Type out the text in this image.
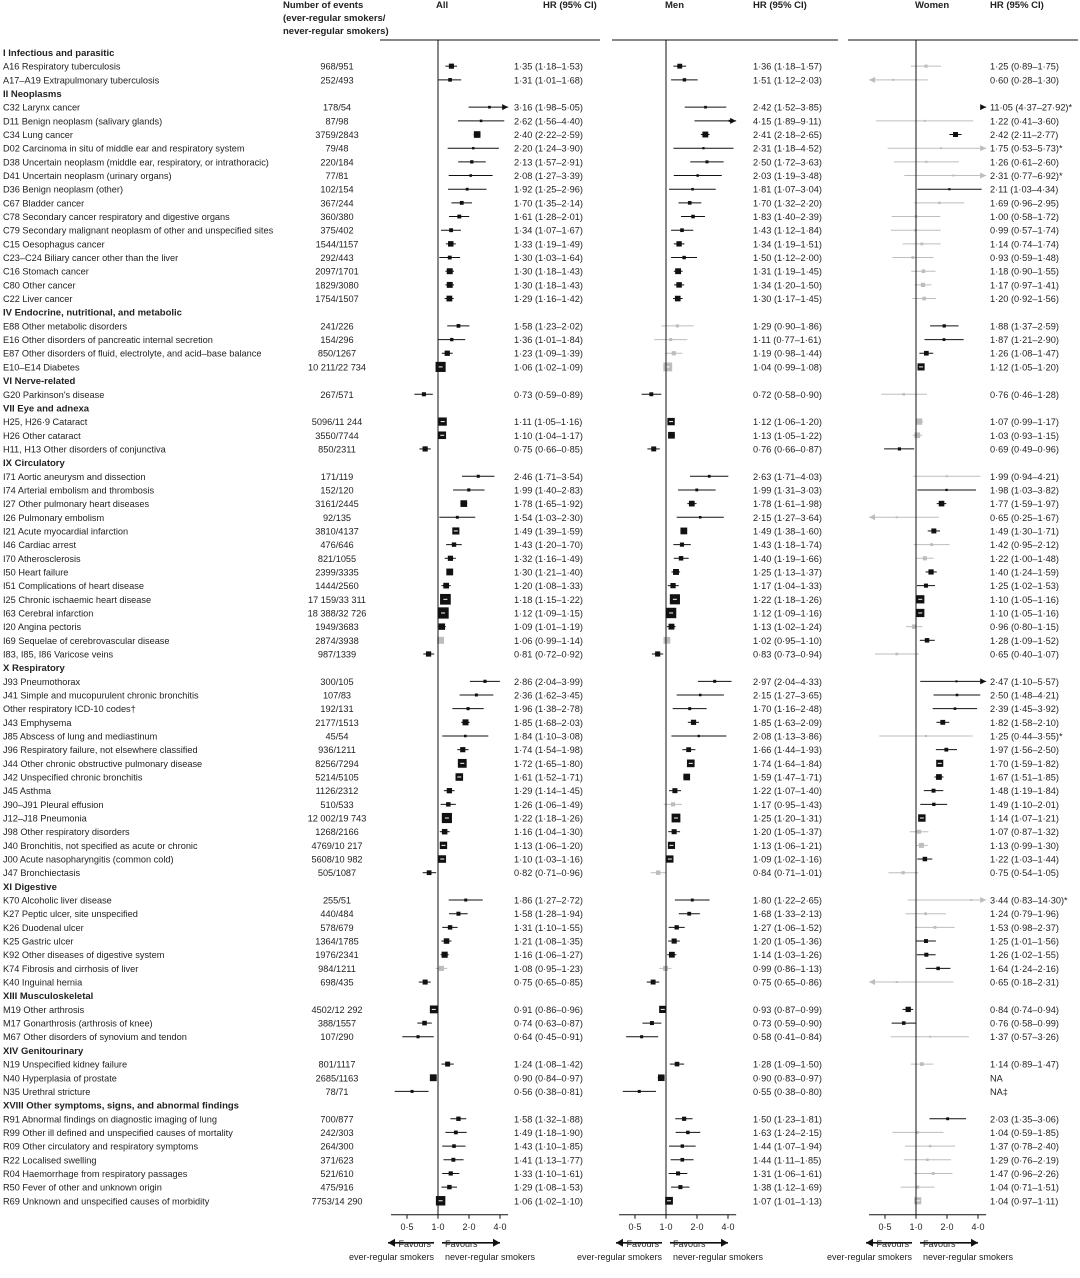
Number of events
(ever-regular smokers/
never-regular smokers)
All	HR (95% CI)	Men	HR (95% CI)	Women	HR (95% CI)
I Infectious and parasitic
A16 Respiratory tuberculosis	968/951	1·35 (1·18–1·53)	1·36 (1·18–1·57)	1·25 (0·89–1·75)
A17–A19 Extrapulmonary tuberculosis	252/493	1·31 (1·01–1·68)	1·51 (1·12–2·03)	0·60 (0·28–1·30)
II Neoplasms
C32 Larynx cancer	178/54	3·16 (1·98–5·05)	2·42 (1·52–3·85)	11·05 (4·37–27·92)*
D11 Benign neoplasm (salivary glands)	87/98	2·62 (1·56–4·40)	4·15 (1·89–9·11)	1·22 (0·41–3·60)
C34 Lung cancer	3759/2843	2·40 (2·22–2·59)	2·41 (2·18–2·65)	2·42 (2·11–2·77)
D02 Carcinoma in situ of middle ear and respiratory system	79/48	2·20 (1·24–3·90)	2·31 (1·18–4·52)	1·75 (0·53–5·73)*
D38 Uncertain neoplasm (middle ear, respiratory, or intrathoracic)	220/184	2·13 (1·57–2·91)	2·50 (1·72–3·63)	1·26 (0·61–2·60)
D41 Uncertain neoplasm (urinary organs)	77/81	2·08 (1·27–3·39)	2·03 (1·19–3·48)	2·31 (0·77–6·92)*
D36 Benign neoplasm (other)	102/154	1·92 (1·25–2·96)	1·81 (1·07–3·04)	2·11 (1·03–4·34)
C67 Bladder cancer	367/244	1·70 (1·35–2·14)	1·70 (1·32–2·20)	1·69 (0·96–2·95)
C78 Secondary cancer respiratory and digestive organs	360/380	1·61 (1·28–2·01)	1·83 (1·40–2·39)	1·00 (0·58–1·72)
C79 Secondary malignant neoplasm of other and unspecified sites	375/402	1·34 (1·07–1·67)	1·43 (1·12–1·84)	0·99 (0·57–1·74)
C15 Oesophagus cancer	1544/1157	1·33 (1·19–1·49)	1·34 (1·19–1·51)	1·14 (0·74–1·74)
C23–C24 Biliary cancer other than the liver	292/443	1·30 (1·03–1·64)	1·50 (1·12–2·00)	0·93 (0·59–1·48)
C16 Stomach cancer	2097/1701	1·30 (1·18–1·43)	1·31 (1·19–1·45)	1·18 (0·90–1·55)
C80 Other cancer	1829/3080	1·30 (1·18–1·43)	1·34 (1·20–1·50)	1·17 (0·97–1·41)
C22 Liver cancer	1754/1507	1·29 (1·16–1·42)	1·30 (1·17–1·45)	1·20 (0·92–1·56)
IV Endocrine, nutritional, and metabolic
E88 Other metabolic disorders	241/226	1·58 (1·23–2·02)	1·29 (0·90–1·86)	1·88 (1·37–2·59)
E16 Other disorders of pancreatic internal secretion	154/296	1·36 (1·01–1·84)	1·11 (0·77–1·61)	1·87 (1·21–2·90)
E87 Other disorders of fluid, electrolyte, and acid–base balance	850/1267	1·23 (1·09–1·39)	1·19 (0·98–1·44)	1·26 (1·08–1·47)
E10–E14 Diabetes	10 211/22 734	1·06 (1·02–1·09)	1·04 (0·99–1·08)	1·12 (1·05–1·20)
VI Nerve-related
G20 Parkinson's disease	267/571	0·73 (0·59–0·89)	0·72 (0·58–0·90)	0·76 (0·46–1·28)
VII Eye and adnexa
H25, H26·9 Cataract	5096/11 244	1·11 (1·05–1·16)	1·12 (1·06–1·20)	1·07 (0·99–1·17)
H26 Other cataract	3550/7744	1·10 (1·04–1·17)	1·13 (1·05–1·22)	1·03 (0·93–1·15)
H11, H13 Other disorders of conjunctiva	850/2311	0·75 (0·66–0·85)	0·76 (0·66–0·87)	0·69 (0·49–0·96)
IX Circulatory
I71 Aortic aneurysm and dissection	171/119	2·46 (1·71–3·54)	2·63 (1·71–4·03)	1·99 (0·94–4·21)
I74 Arterial embolism and thrombosis	152/120	1·99 (1·40–2·83)	1·99 (1·31–3·03)	1·98 (1·03–3·82)
I27 Other pulmonary heart diseases	3161/2445	1·78 (1·65–1·92)	1·78 (1·61–1·98)	1·77 (1·59–1·97)
I26 Pulmonary embolism	92/135	1·54 (1·03–2·30)	2·15 (1·27–3·64)	0·65 (0·25–1·67)
I21 Acute myocardial infarction	3810/4137	1·49 (1·39–1·59)	1·49 (1·38–1·60)	1·49 (1·30–1·71)
I46 Cardiac arrest	476/646	1·43 (1·20–1·70)	1·43 (1·18–1·74)	1·42 (0·95–2·12)
I70 Atherosclerosis	821/1055	1·32 (1·16–1·49)	1·40 (1·19–1·66)	1·22 (1·00–1·48)
I50 Heart failure	2399/3335	1·30 (1·21–1·40)	1·25 (1·13–1·37)	1·40 (1·24–1·59)
I51 Complications of heart disease	1444/2560	1·20 (1·08–1·33)	1·17 (1·04–1·33)	1·25 (1·02–1·53)
I25 Chronic ischaemic heart disease	17 159/33 311	1·18 (1·15–1·22)	1·22 (1·18–1·26)	1·10 (1·05–1·16)
I63 Cerebral infarction	18 388/32 726	1·12 (1·09–1·15)	1·12 (1·09–1·16)	1·10 (1·05–1·16)
I20 Angina pectoris	1949/3683	1·09 (1·01–1·19)	1·13 (1·02–1·24)	0·96 (0·80–1·15)
I69 Sequelae of cerebrovascular disease	2874/3938	1·06 (0·99–1·14)	1·02 (0·95–1·10)	1·28 (1·09–1·52)
I83, I85, I86 Varicose veins	987/1339	0·81 (0·72–0·92)	0·83 (0·73–0·94)	0·65 (0·40–1·07)
X Respiratory
J93 Pneumothorax	300/105	2·86 (2·04–3·99)	2·97 (2·04–4·33)	2·47 (1·10–5·57)
J41 Simple and mucopurulent chronic bronchitis	107/83	2·36 (1·62–3·45)	2·15 (1·27–3·65)	2·50 (1·48–4·21)
Other respiratory ICD-10 codes†	192/131	1·96 (1·38–2·78)	1·70 (1·16–2·48)	2·39 (1·45–3·92)
J43 Emphysema	2177/1513	1·85 (1·68–2·03)	1·85 (1·63–2·09)	1·82 (1·58–2·10)
J85 Abscess of lung and mediastinum	45/54	1·84 (1·10–3·08)	2·08 (1·13–3·86)	1·25 (0·44–3·55)*
J96 Respiratory failure, not elsewhere classified	936/1211	1·74 (1·54–1·98)	1·66 (1·44–1·93)	1·97 (1·56–2·50)
J44 Other chronic obstructive pulmonary disease	8256/7294	1·72 (1·65–1·80)	1·74 (1·64–1·84)	1·70 (1·59–1·82)
J42 Unspecified chronic bronchitis	5214/5105	1·61 (1·52–1·71)	1·59 (1·47–1·71)	1·67 (1·51–1·85)
J45 Asthma	1126/2312	1·29 (1·14–1·45)	1·22 (1·07–1·40)	1·48 (1·19–1·84)
J90–J91 Pleural effusion	510/533	1·26 (1·06–1·49)	1·17 (0·95–1·43)	1·49 (1·10–2·01)
J12–J18 Pneumonia	12 002/19 743	1·22 (1·18–1·26)	1·25 (1·20–1·31)	1·14 (1·07–1·21)
J98 Other respiratory disorders	1268/2166	1·16 (1·04–1·30)	1·20 (1·05–1·37)	1·07 (0·87–1·32)
J40 Bronchitis, not specified as acute or chronic	4769/10 217	1·13 (1·06–1·20)	1·13 (1·06–1·21)	1·13 (0·99–1·30)
J00 Acute nasopharyngitis (common cold)	5608/10 982	1·10 (1·03–1·16)	1·09 (1·02–1·16)	1·22 (1·03–1·44)
J47 Bronchiectasis	505/1087	0·82 (0·71–0·96)	0·84 (0·71–1·01)	0·75 (0·54–1·05)
XI Digestive
K70 Alcoholic liver disease	255/51	1·86 (1·27–2·72)	1·80 (1·22–2·65)	3·44 (0·83–14·30)*
K27 Peptic ulcer, site unspecified	440/484	1·58 (1·28–1·94)	1·68 (1·33–2·13)	1·24 (0·79–1·96)
K26 Duodenal ulcer	578/679	1·31 (1·10–1·55)	1·27 (1·06–1·52)	1·53 (0·98–2·37)
K25 Gastric ulcer	1364/1785	1·21 (1·08–1·35)	1·20 (1·05–1·36)	1·25 (1·01–1·56)
K92 Other diseases of digestive system	1976/2341	1·16 (1·06–1·27)	1·14 (1·03–1·26)	1·26 (1·02–1·55)
K74 Fibrosis and cirrhosis of liver	984/1211	1·08 (0·95–1·23)	0·99 (0·86–1·13)	1·64 (1·24–2·16)
K40 Inguinal hernia	698/435	0·75 (0·65–0·85)	0·75 (0·65–0·86)	0·65 (0·18–2·31)
XIII Musculoskeletal
M19 Other arthrosis	4502/12 292	0·91 (0·86–0·96)	0·93 (0·87–0·99)	0·84 (0·74–0·94)
M17 Gonarthrosis (arthrosis of knee)	388/1557	0·74 (0·63–0·87)	0·73 (0·59–0·90)	0·76 (0·58–0·99)
M67 Other disorders of synovium and tendon	107/290	0·64 (0·45–0·91)	0·58 (0·41–0·84)	1·37 (0·57–3·26)
XIV Genitourinary
N19 Unspecified kidney failure	801/1117	1·24 (1·08–1·42)	1·28 (1·09–1·50)	1·14 (0·89–1·47)
N40 Hyperplasia of prostate	2685/1163	0·90 (0·84–0·97)	0·90 (0·83–0·97)	NA
N35 Urethral stricture	78/71	0·56 (0·38–0·81)	0·55 (0·38–0·80)	NA‡
XVIII Other symptoms, signs, and abnormal findings
R91 Abnormal findings on diagnostic imaging of lung	700/877	1·58 (1·32–1·88)	1·50 (1·23–1·81)	2·03 (1·35–3·06)
R99 Other ill defined and unspecified causes of mortality	242/303	1·49 (1·18–1·90)	1·63 (1·24–2·15)	1·04 (0·59–1·85)
R09 Other circulatory and respiratory symptoms	264/300	1·43 (1·10–1·85)	1·44 (1·07–1·94)	1·37 (0·78–2·40)
R22 Localised swelling	371/623	1·41 (1·13–1·77)	1·44 (1·11–1·85)	1·29 (0·76–2·19)
R04 Haemorrhage from respiratory passages	521/610	1·33 (1·10–1·61)	1·31 (1·06–1·61)	1·47 (0·96–2·26)
R50 Fever of other and unknown origin	475/916	1·29 (1·08–1·53)	1·38 (1·12–1·69)	1·04 (0·71–1·51)
R69 Unknown and unspecified causes of morbidity	7753/14 290	1·06 (1·02–1·10)	1·07 (1·01–1·13)	1·04 (0·97–1·11)
0·5 1·0 2·0 4·0	0·5 1·0 2·0 4·0	0·5 1·0 2·0 4·0
Favours
ever-regular smokers
Favours
never-regular smokers
Favours
ever-regular smokers
Favours
never-regular smokers
Favours
ever-regular smokers
Favours
never-regular smokers
